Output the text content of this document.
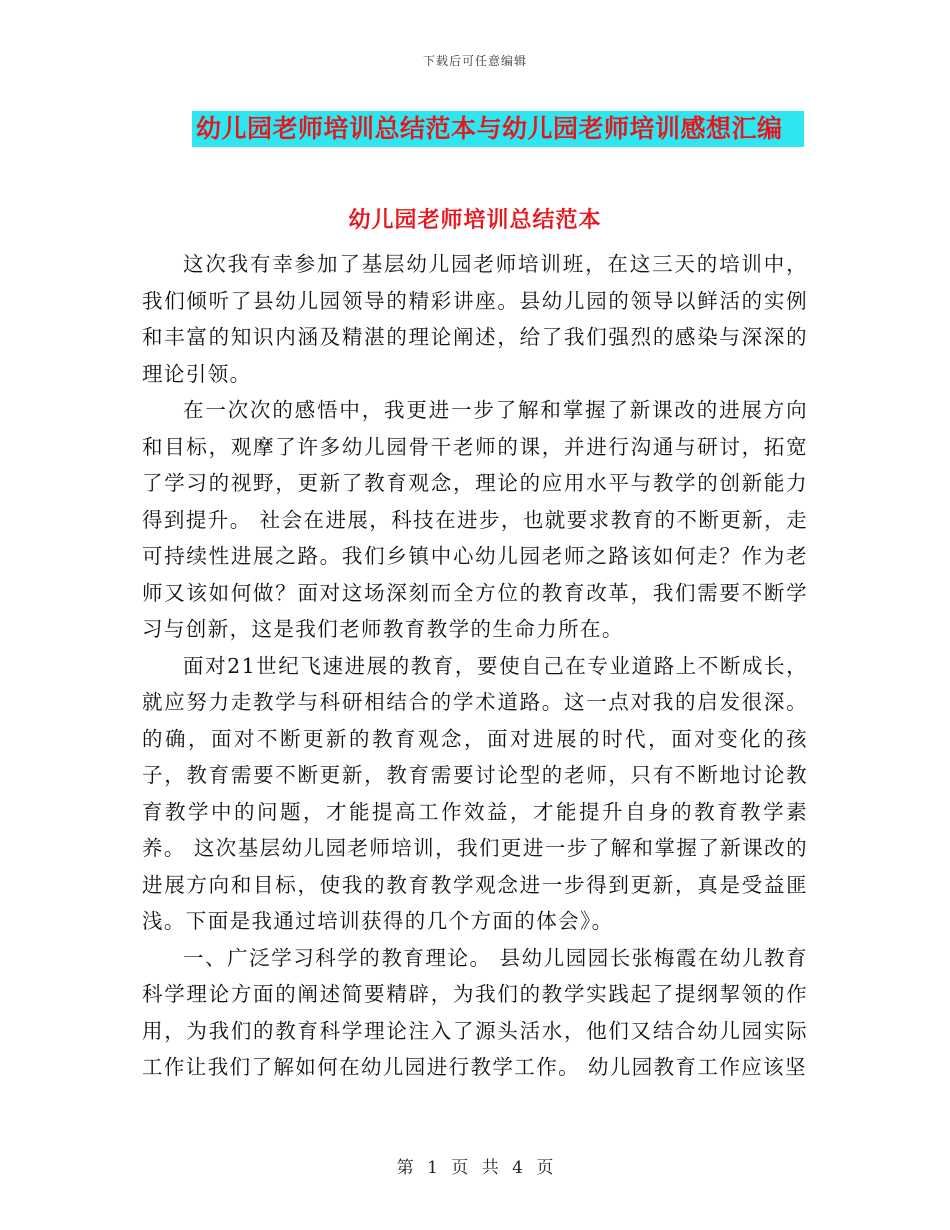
下载后可任意编辑
幼儿园老师培训总结范本与幼儿园老师培训感想汇编
幼儿园老师培训总结范本

这次我有幸参加了基层幼儿园老师培训班，在这三天的培训中，我们倾听了县幼儿园领导的精彩讲座。县幼儿园的领导以鲜活的实例和丰富的知识内涵及精湛的理论阐述，给了我们强烈的感染与深深的理论引领。

在一次次的感悟中，我更进一步了解和掌握了新课改的进展方向和目标，观摩了许多幼儿园骨干老师的课，并进行沟通与研讨，拓宽了学习的视野，更新了教育观念，理论的应用水平与教学的创新能力得到提升。 社会在进展，科技在进步，也就要求教育的不断更新，走可持续性进展之路。我们乡镇中心幼儿园老师之路该如何走？作为老师又该如何做？面对这场深刻而全方位的教育改革，我们需要不断学习与创新，这是我们老师教育教学的生命力所在。

面对21世纪飞速进展的教育，要使自己在专业道路上不断成长，就应努力走教学与科研相结合的学术道路。这一点对我的启发很深。的确，面对不断更新的教育观念，面对进展的时代，面对变化的孩子，教育需要不断更新，教育需要讨论型的老师，只有不断地讨论教育教学中的问题，才能提高工作效益，才能提升自身的教育教学素养。 这次基层幼儿园老师培训，我们更进一步了解和掌握了新课改的进展方向和目标，使我的教育教学观念进一步得到更新，真是受益匪浅。下面是我通过培训获得的几个方面的体会》。

一、广泛学习科学的教育理论。 县幼儿园园长张梅霞在幼儿教育科学理论方面的阐述简要精辟，为我们的教学实践起了提纲挈领的作用，为我们的教育科学理论注入了源头活水，他们又结合幼儿园实际工作让我们了解如何在幼儿园进行教学工作。 幼儿园教育工作应该坚

第 1 页 共 4 页
